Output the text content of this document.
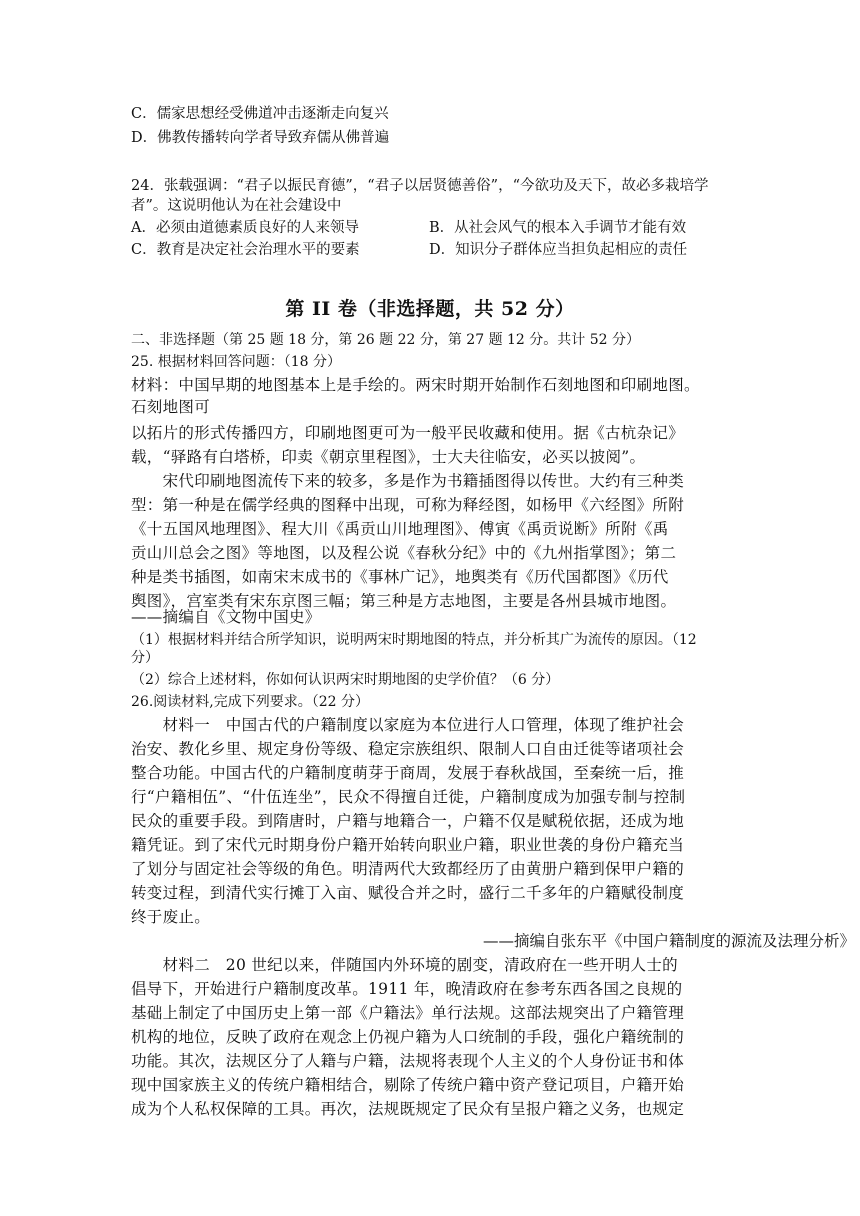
C．儒家思想经受佛道冲击逐渐走向复兴
D．佛教传播转向学者导致弃儒从佛普遍
24．张载强调：“君子以振民育德”，“君子以居贤德善俗”，“今欲功及天下，故必多栽培学
者”。这说明他认为在社会建设中
A．必须由道德素质良好的人来领导	B．从社会风气的根本入手调节才能有效
C．教育是决定社会治理水平的要素	D．知识分子群体应当担负起相应的责任
第 II 卷（非选择题，共 52 分）
二、非选择题（第 25 题 18 分，第 26 题 22 分，第 27 题 12 分。共计 52 分）
25. 根据材料回答问题：（18 分）
材料：中国早期的地图基本上是手绘的。两宋时期开始制作石刻地图和印刷地图。
石刻地图可
以拓片的形式传播四方，印刷地图更可为一般平民收藏和使用。据《古杭杂记》
载，“驿路有白塔桥，印卖《朝京里程图》，士大夫往临安，必买以披阅”。
　　宋代印刷地图流传下来的较多，多是作为书籍插图得以传世。大约有三种类
型：第一种是在儒学经典的图释中出现，可称为释经图，如杨甲《六经图》所附
《十五国风地理图》、程大川《禹贡山川地理图》、傅寅《禹贡说断》所附《禹
贡山川总会之图》等地图，以及程公说《春秋分纪》中的《九州指掌图》；第二
种是类书插图，如南宋末成书的《事林广记》，地舆类有《历代国都图》《历代
舆图》，宫室类有宋东京图三幅；第三种是方志地图，主要是各州县城市地图。
——摘编自《文物中国史》
（1）根据材料并结合所学知识，说明两宋时期地图的特点，并分析其广为流传的原因。（12
分）
（2）综合上述材料，你如何认识两宋时期地图的史学价值？（6 分）
26.阅读材料,完成下列要求。（22 分）
　　材料一　中国古代的户籍制度以家庭为本位进行人口管理，体现了维护社会
治安、教化乡里、规定身份等级、稳定宗族组织、限制人口自由迁徙等诸项社会
整合功能。中国古代的户籍制度萌芽于商周，发展于春秋战国，至秦统一后，推
行“户籍相伍”、“什伍连坐”，民众不得擅自迁徙，户籍制度成为加强专制与控制
民众的重要手段。到隋唐时，户籍与地籍合一，户籍不仅是赋税依据，还成为地
籍凭证。到了宋代元时期身份户籍开始转向职业户籍，职业世袭的身份户籍充当
了划分与固定社会等级的角色。明清两代大致都经历了由黄册户籍到保甲户籍的
转变过程，到清代实行摊丁入亩、赋役合并之时，盛行二千多年的户籍赋役制度
终于废止。
——摘编自张东平《中国户籍制度的源流及法理分析》
　　材料二　20 世纪以来，伴随国内外环境的剧变，清政府在一些开明人士的
倡导下，开始进行户籍制度改革。1911 年，晚清政府在参考东西各国之良规的
基础上制定了中国历史上第一部《户籍法》单行法规。这部法规突出了户籍管理
机构的地位，反映了政府在观念上仍视户籍为人口统制的手段，强化户籍统制的
功能。其次，法规区分了人籍与户籍，法规将表现个人主义的个人身份证书和体
现中国家族主义的传统户籍相结合，剔除了传统户籍中资产登记项目，户籍开始
成为个人私权保障的工具。再次，法规既规定了民众有呈报户籍之义务，也规定
